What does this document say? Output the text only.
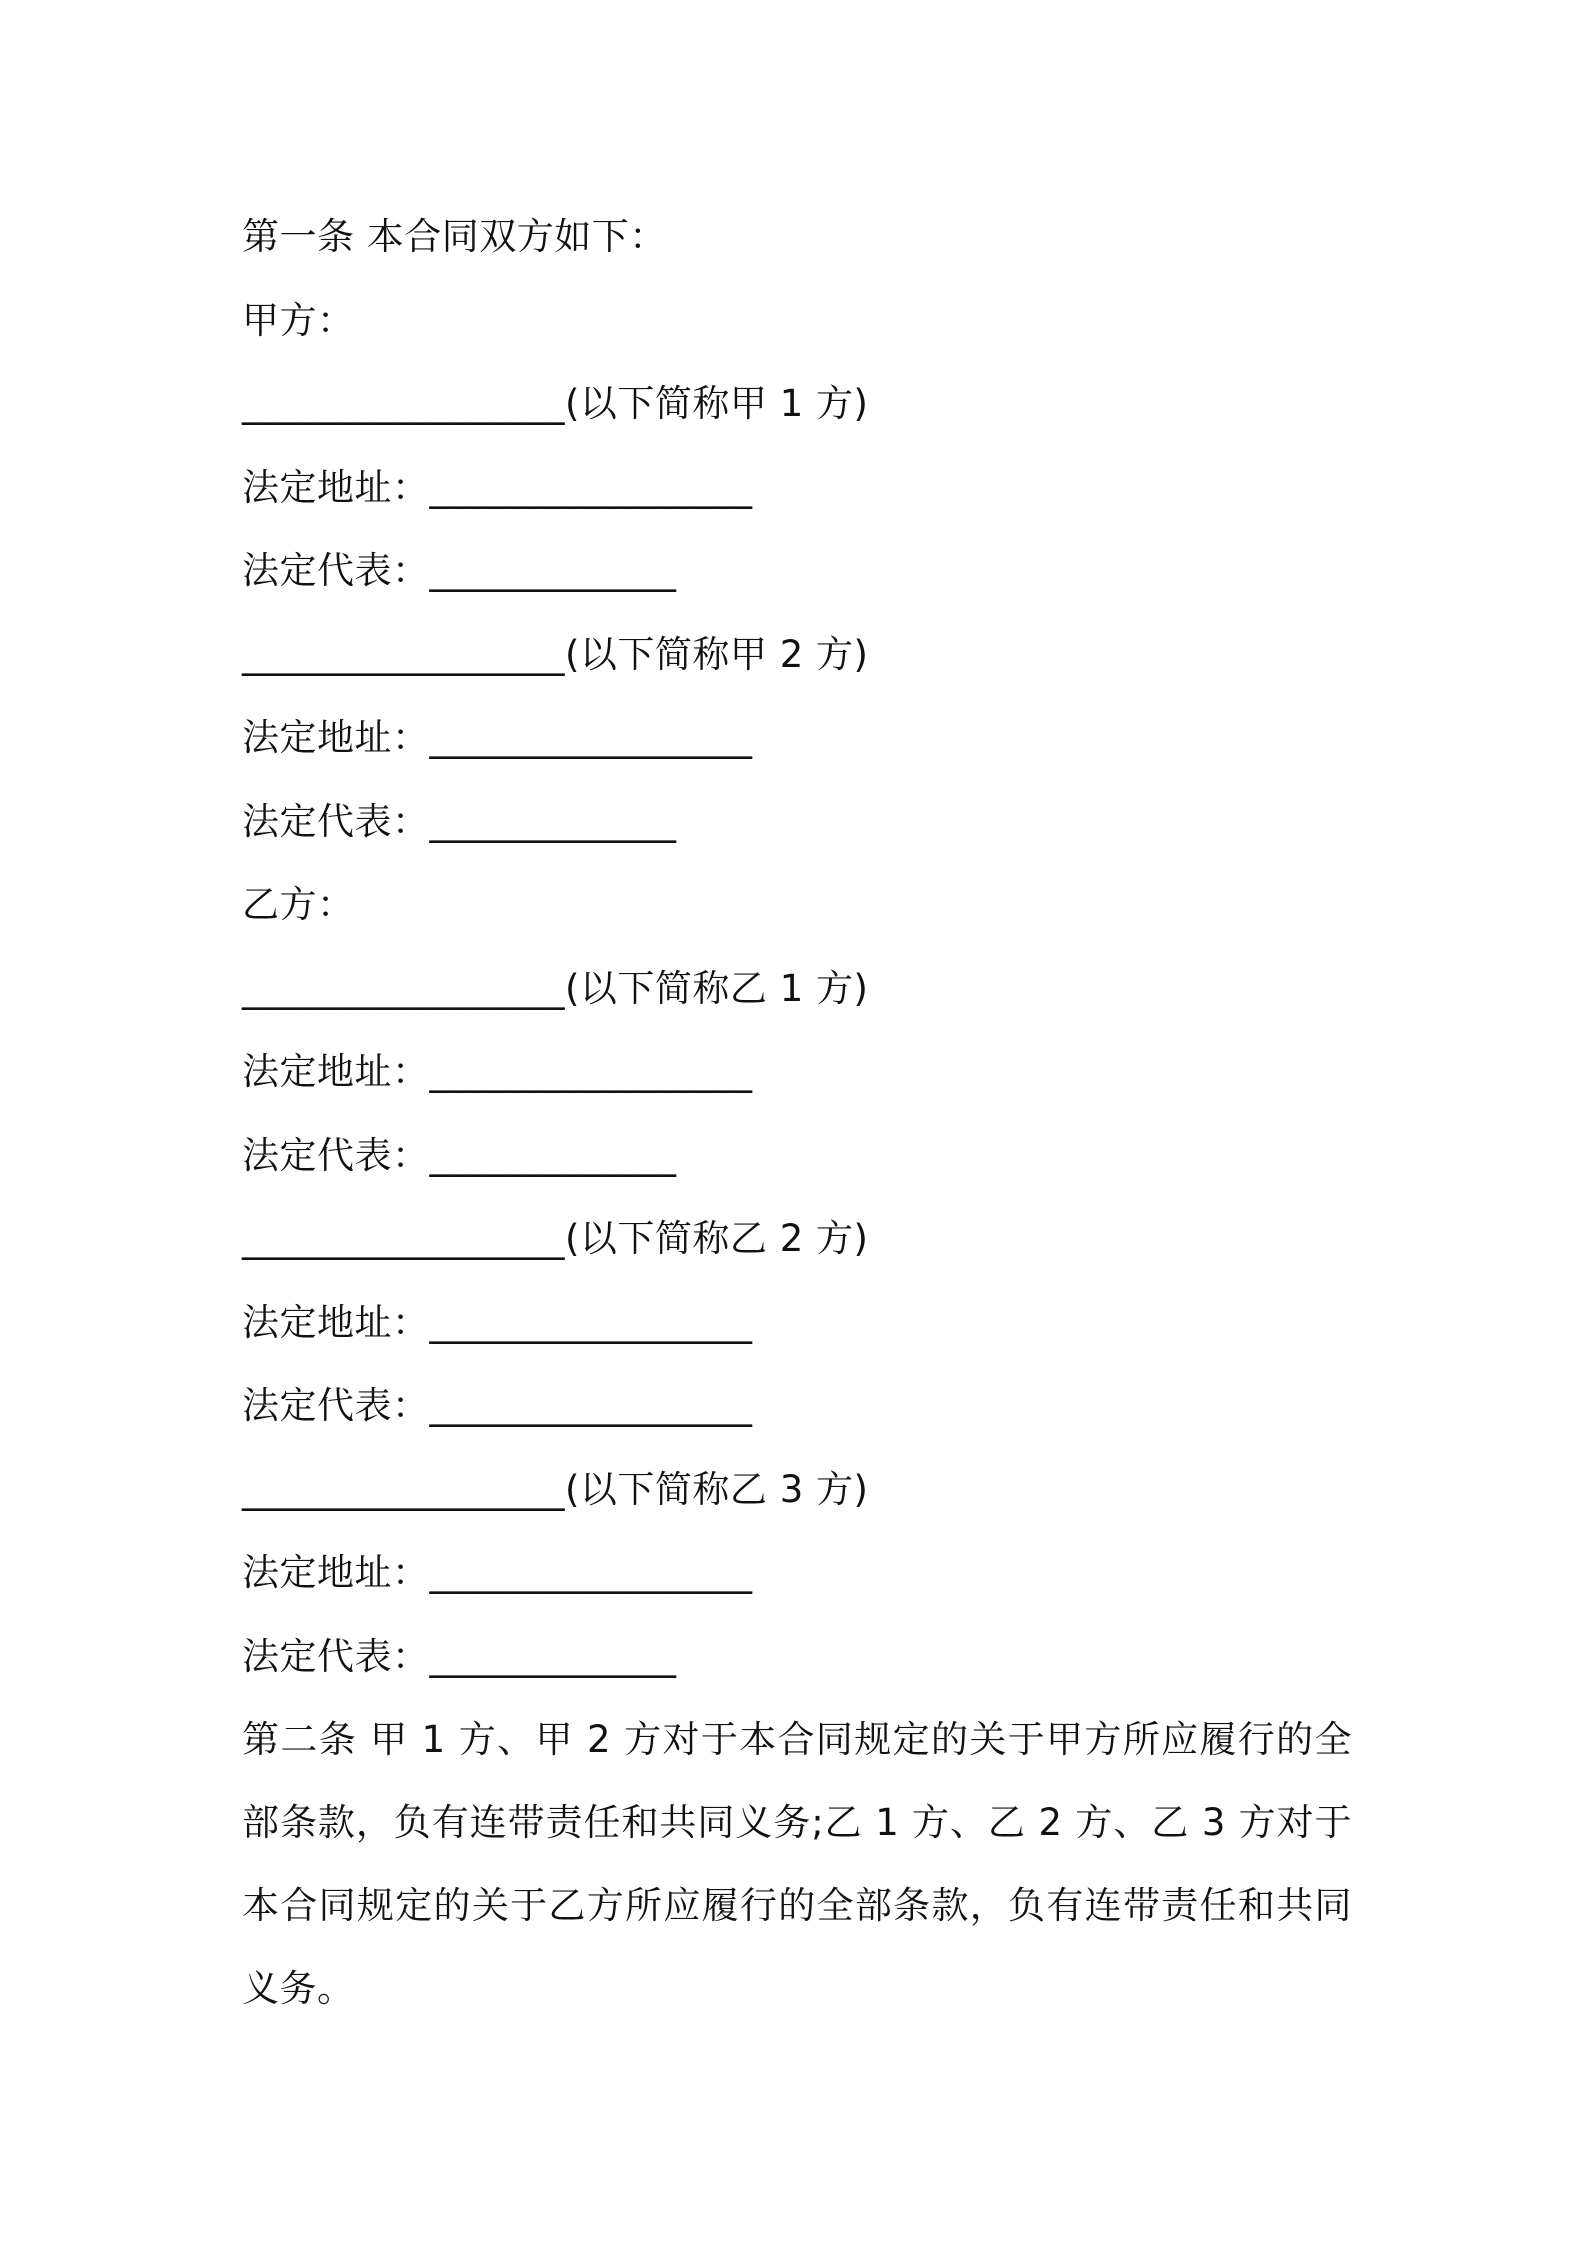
第一条 本合同双方如下：
甲方：
_________________(以下简称甲 1 方)
法定地址：_________________
法定代表：_____________
_________________(以下简称甲 2 方)
法定地址：_________________
法定代表：_____________
乙方：
_________________(以下简称乙 1 方)
法定地址：_________________
法定代表：_____________
_________________(以下简称乙 2 方)
法定地址：_________________
法定代表：_________________
_________________(以下简称乙 3 方)
法定地址：_________________
法定代表：_____________
第二条 甲 1 方、甲 2 方对于本合同规定的关于甲方所应履行的全部条款，负有连带责任和共同义务;乙 1 方、乙 2 方、乙 3 方对于本合同规定的关于乙方所应履行的全部条款，负有连带责任和共同义务。
